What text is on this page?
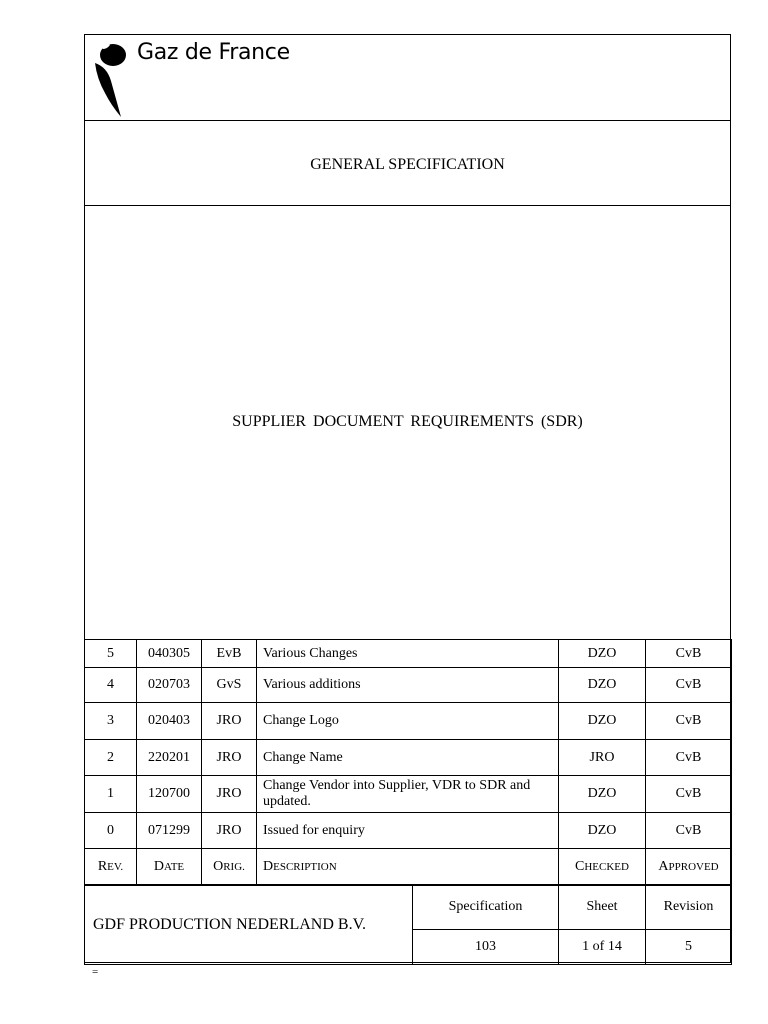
Gaz de France
GENERAL SPECIFICATION
SUPPLIER DOCUMENT REQUIREMENTS (SDR)
5	040305	EvB	Various Changes	DZO	CvB
4	020703	GvS	Various additions	DZO	CvB
3	020403	JRO	Change Logo	DZO	CvB
2	220201	JRO	Change Name	JRO	CvB
1	120700	JRO	Change Vendor into Supplier, VDR to SDR and updated.	DZO	CvB
0	071299	JRO	Issued for enquiry	DZO	CvB
REV.	DATE	ORIG.	DESCRIPTION	CHECKED	APPROVED
GDF PRODUCTION NEDERLAND B.V.	Specification	Sheet	Revision
	103	1 of 14	5
=
